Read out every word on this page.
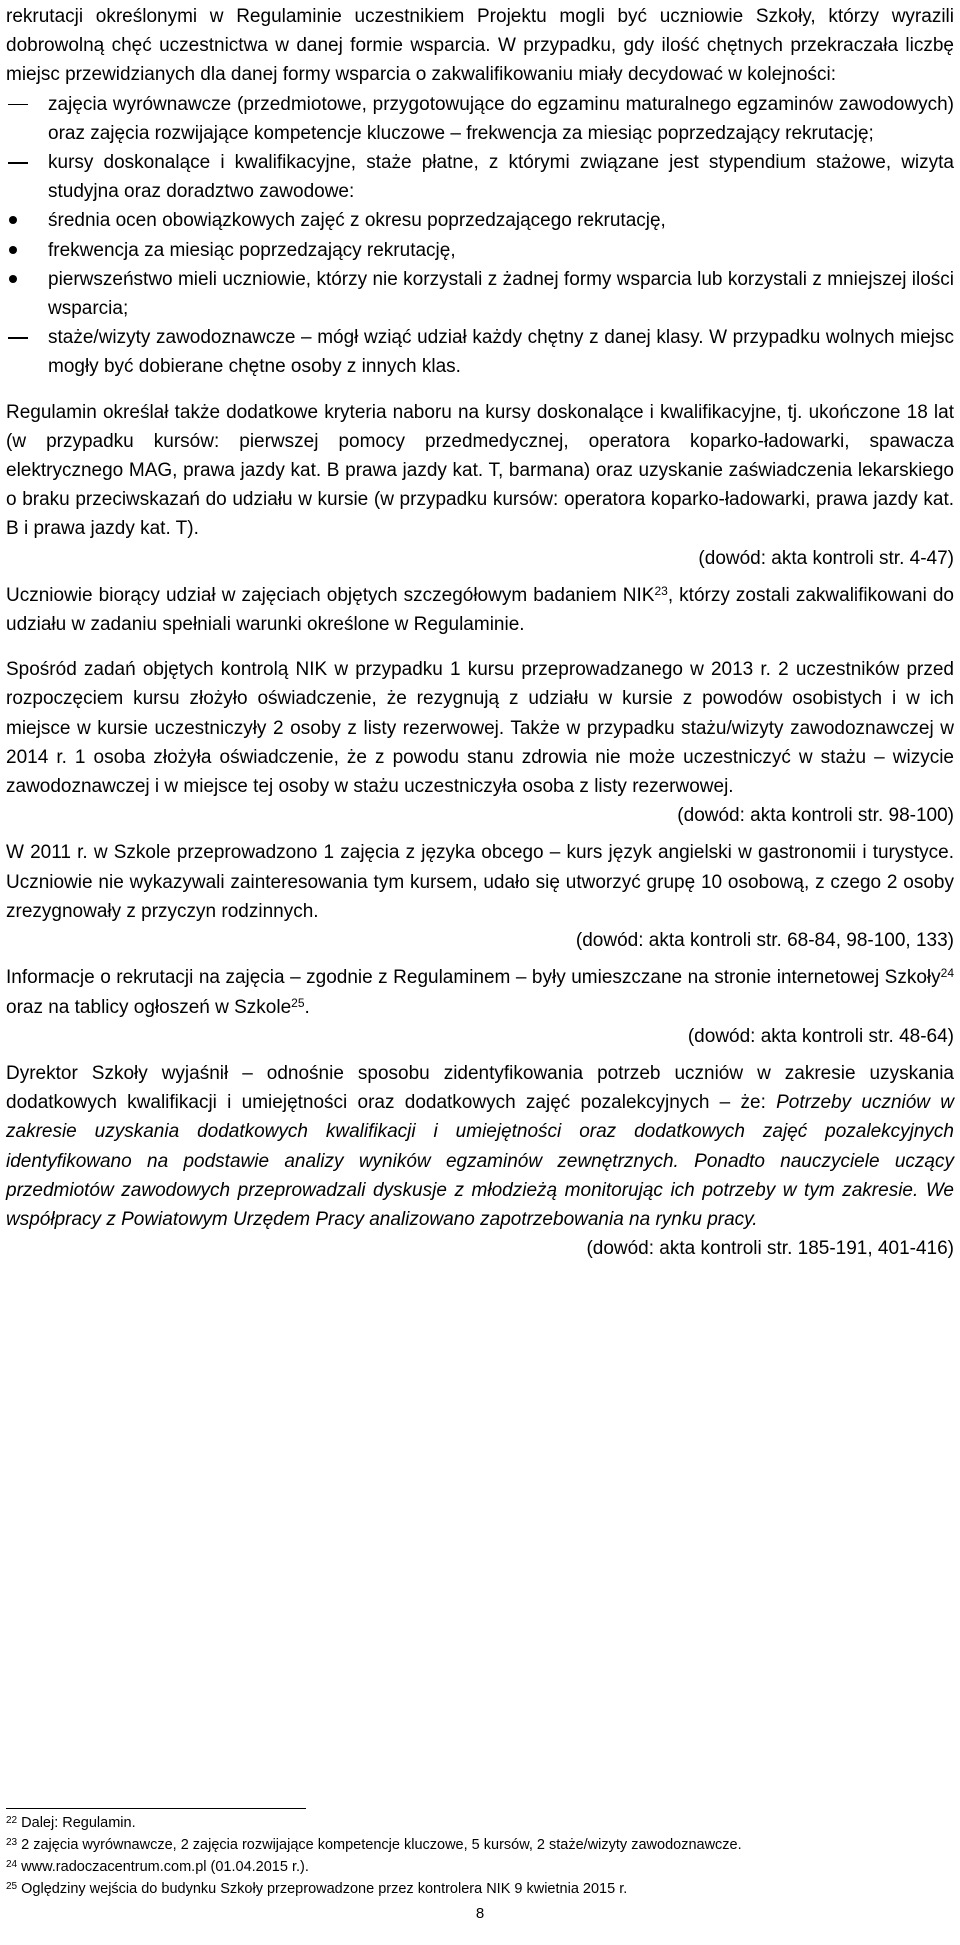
rekrutacji określonymi w Regulaminie uczestnikiem Projektu mogli być uczniowie Szkoły, którzy wyrazili dobrowolną chęć uczestnictwa w danej formie wsparcia. W przypadku, gdy ilość chętnych przekraczała liczbę miejsc przewidzianych dla danej formy wsparcia o zakwalifikowaniu miały decydować w kolejności:

zajęcia wyrównawcze (przedmiotowe, przygotowujące do egzaminu maturalnego egzaminów zawodowych) oraz zajęcia rozwijające kompetencje kluczowe – frekwencja za miesiąc poprzedzający rekrutację;
kursy doskonalące i kwalifikacyjne, staże płatne, z którymi związane jest stypendium stażowe, wizyta studyjna oraz doradztwo zawodowe:
średnia ocen obowiązkowych zajęć z okresu poprzedzającego rekrutację,
frekwencja za miesiąc poprzedzający rekrutację,
pierwszeństwo mieli uczniowie, którzy nie korzystali z żadnej formy wsparcia lub korzystali z mniejszej ilości wsparcia;
staże/wizyty zawodoznawcze – mógł wziąć udział każdy chętny z danej klasy. W przypadku wolnych miejsc mogły być dobierane chętne osoby z innych klas.

Regulamin określał także dodatkowe kryteria naboru na kursy doskonalące i kwalifikacyjne, tj. ukończone 18 lat (w przypadku kursów: pierwszej pomocy przedmedycznej, operatora koparko-ładowarki, spawacza elektrycznego MAG, prawa jazdy kat. B prawa jazdy kat. T, barmana) oraz uzyskanie zaświadczenia lekarskiego o braku przeciwskazań do udziału w kursie (w przypadku kursów: operatora koparko-ładowarki, prawa jazdy kat. B i prawa jazdy kat. T).

(dowód: akta kontroli str. 4-47)

Uczniowie biorący udział w zajęciach objętych szczegółowym badaniem NIK$^{23}$, którzy zostali zakwalifikowani do udziału w zadaniu spełniali warunki określone w Regulaminie.

Spośród zadań objętych kontrolą NIK w przypadku 1 kursu przeprowadzanego w 2013 r. 2 uczestników przed rozpoczęciem kursu złożyło oświadczenie, że rezygnują z udziału w kursie z powodów osobistych i w ich miejsce w kursie uczestniczyły 2 osoby z listy rezerwowej. Także w przypadku stażu/wizyty zawodoznawczej w 2014 r. 1 osoba złożyła oświadczenie, że z powodu stanu zdrowia nie może uczestniczyć w stażu – wizycie zawodoznawczej i w miejsce tej osoby w stażu uczestniczyła osoba z listy rezerwowej.

(dowód: akta kontroli str. 98-100)

W 2011 r. w Szkole przeprowadzono 1 zajęcia z języka obcego – kurs język angielski w gastronomii i turystyce. Uczniowie nie wykazywali zainteresowania tym kursem, udało się utworzyć grupę 10 osobową, z czego 2 osoby zrezygnowały z przyczyn rodzinnych.

(dowód: akta kontroli str. 68-84, 98-100, 133)

Informacje o rekrutacji na zajęcia – zgodnie z Regulaminem – były umieszczane na stronie internetowej Szkoły$^{24}$ oraz na tablicy ogłoszeń w Szkole$^{25}$.

(dowód: akta kontroli str. 48-64)

Dyrektor Szkoły wyjaśnił – odnośnie sposobu zidentyfikowania potrzeb uczniów w zakresie uzyskania dodatkowych kwalifikacji i umiejętności oraz dodatkowych zajęć pozalekcyjnych – że: Potrzeby uczniów w zakresie uzyskania dodatkowych kwalifikacji i umiejętności oraz dodatkowych zajęć pozalekcyjnych identyfikowano na podstawie analizy wyników egzaminów zewnętrznych. Ponadto nauczyciele uczący przedmiotów zawodowych przeprowadzali dyskusje z młodzieżą monitorując ich potrzeby w tym zakresie. We współpracy z Powiatowym Urzędem Pracy analizowano zapotrzebowania na rynku pracy.

(dowód: akta kontroli str. 185-191, 401-416)

$^{22}$ Dalej: Regulamin.

$^{23}$ 2 zajęcia wyrównawcze, 2 zajęcia rozwijające kompetencje kluczowe, 5 kursów, 2 staże/wizyty zawodoznawcze.

$^{24}$ www.radoczacentrum.com.pl (01.04.2015 r.).

$^{25}$ Oględziny wejścia do budynku Szkoły przeprowadzone przez kontrolera NIK 9 kwietnia 2015 r.

8
